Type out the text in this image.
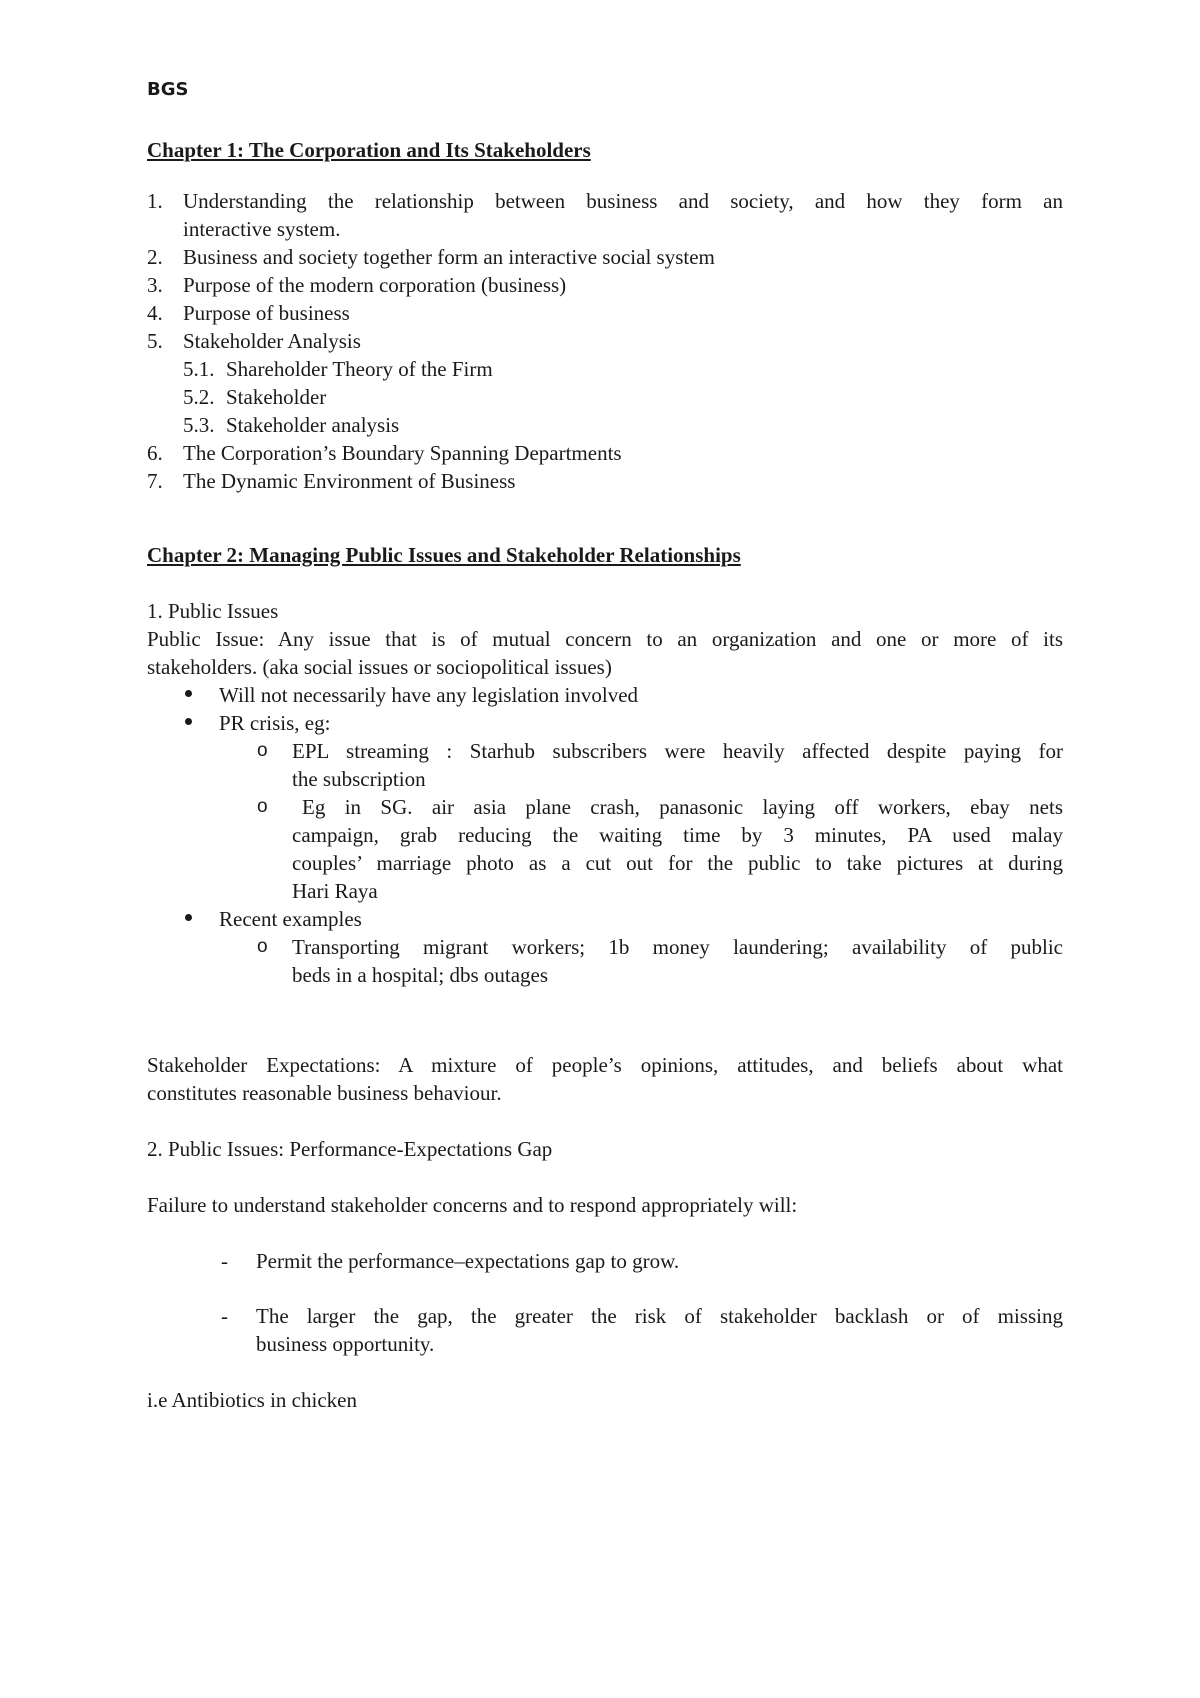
BGS
Chapter 1: The Corporation and Its Stakeholders
1. Understanding the relationship between business and society, and how they form an
interactive system.
2. Business and society together form an interactive social system
3. Purpose of the modern corporation (business)
4. Purpose of business
5. Stakeholder Analysis
5.1. Shareholder Theory of the Firm
5.2. Stakeholder
5.3. Stakeholder analysis
6. The Corporation’s Boundary Spanning Departments
7. The Dynamic Environment of Business
Chapter 2: Managing Public Issues and Stakeholder Relationships
1. Public Issues
Public Issue: Any issue that is of mutual concern to an organization and one or more of its
stakeholders. (aka social issues or sociopolitical issues)
Will not necessarily have any legislation involved
PR crisis, eg:
o EPL streaming : Starhub subscribers were heavily affected despite paying for
the subscription
o Eg in SG. air asia plane crash, panasonic laying off workers, ebay nets
campaign, grab reducing the waiting time by 3 minutes, PA used malay
couples’ marriage photo as a cut out for the public to take pictures at during
Hari Raya
Recent examples
o Transporting migrant workers; 1b money laundering; availability of public
beds in a hospital; dbs outages
Stakeholder Expectations: A mixture of people’s opinions, attitudes, and beliefs about what
constitutes reasonable business behaviour.
2. Public Issues: Performance-Expectations Gap
Failure to understand stakeholder concerns and to respond appropriately will:
- Permit the performance–expectations gap to grow.
- The larger the gap, the greater the risk of stakeholder backlash or of missing
business opportunity.
i.e Antibiotics in chicken
